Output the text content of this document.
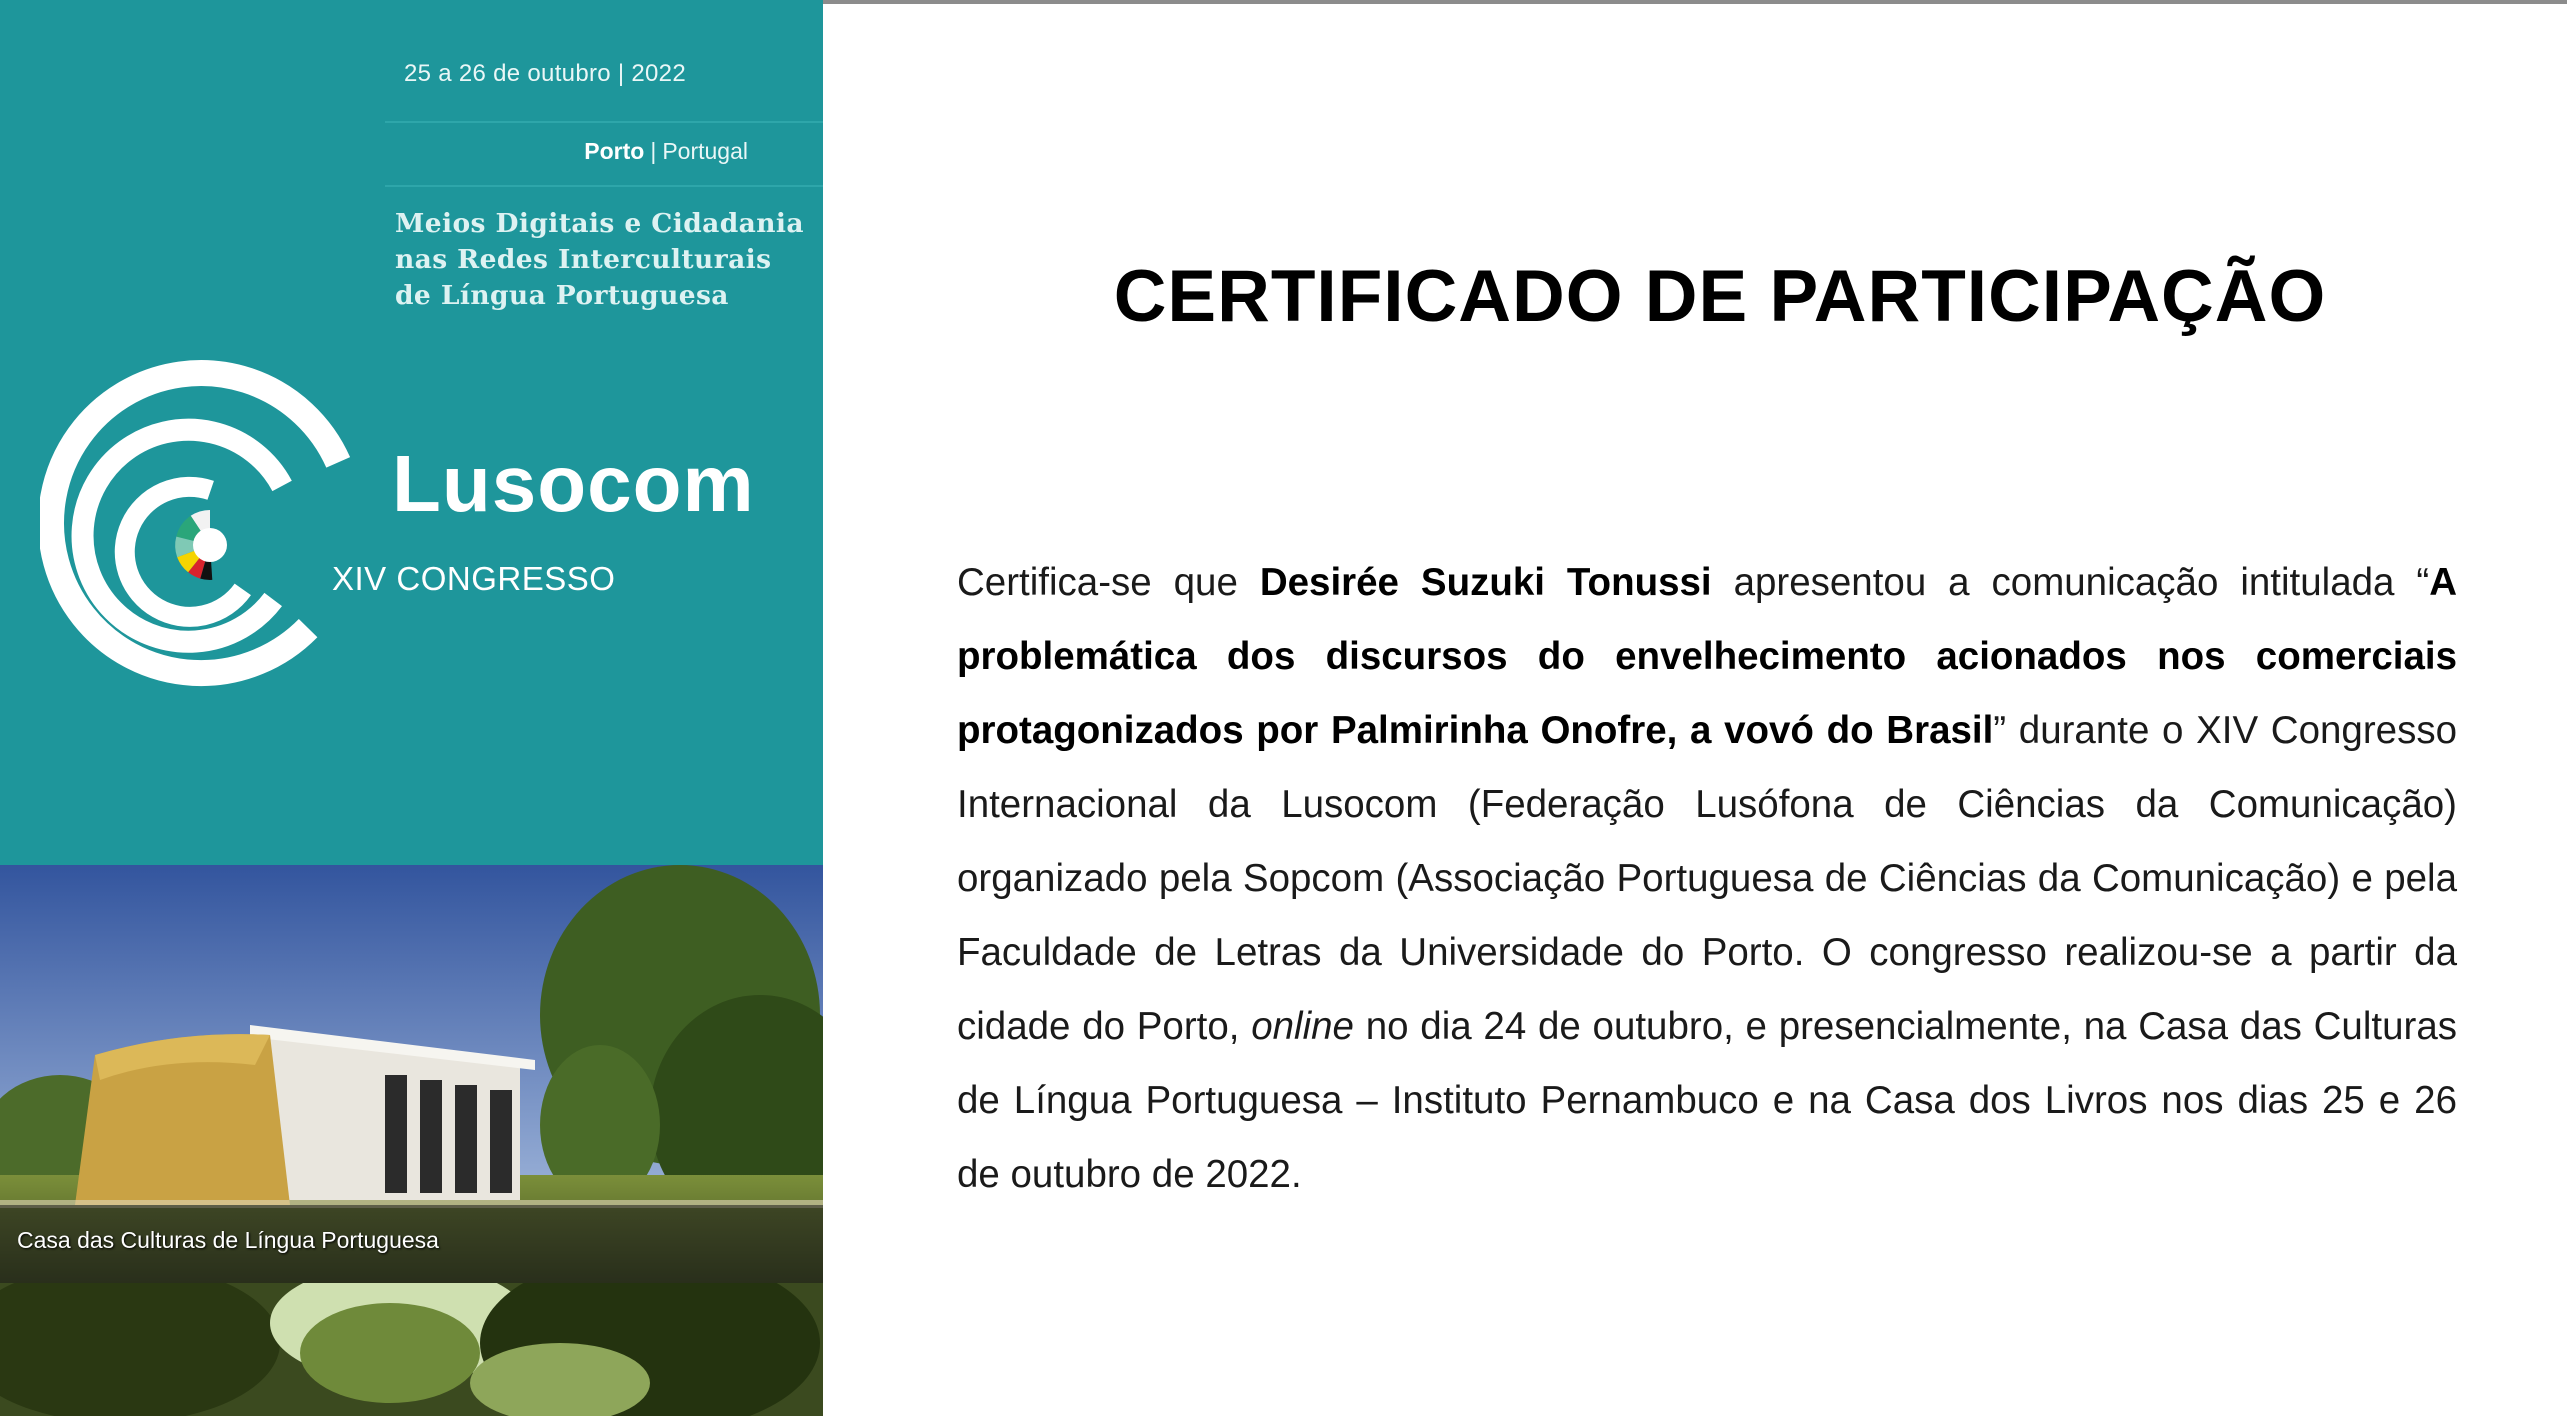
25 a 26 de outubro | 2022
Porto | Portugal
Meios Digitais e Cidadania
nas Redes Interculturais
de Língua Portuguesa
Lusocom
XIV CONGRESSO
Casa das Culturas de Língua Portuguesa
CERTIFICADO DE PARTICIPAÇÃO
Certifica-se que Desirée Suzuki Tonussi apresentou a comunicação intitulada “A problemática dos discursos do envelhecimento acionados nos comerciais protagonizados por Palmirinha Onofre, a vovó do Brasil” durante o XIV Congresso Internacional da Lusocom (Federação Lusófona de Ciências da Comunicação) organizado pela Sopcom (Associação Portuguesa de Ciências da Comunicação) e pela Faculdade de Letras da Universidade do Porto. O congresso realizou-se a partir da cidade do Porto, online no dia 24 de outubro, e presencialmente, na Casa das Culturas de Língua Portuguesa – Instituto Pernambuco e na Casa dos Livros nos dias 25 e 26 de outubro de 2022.
